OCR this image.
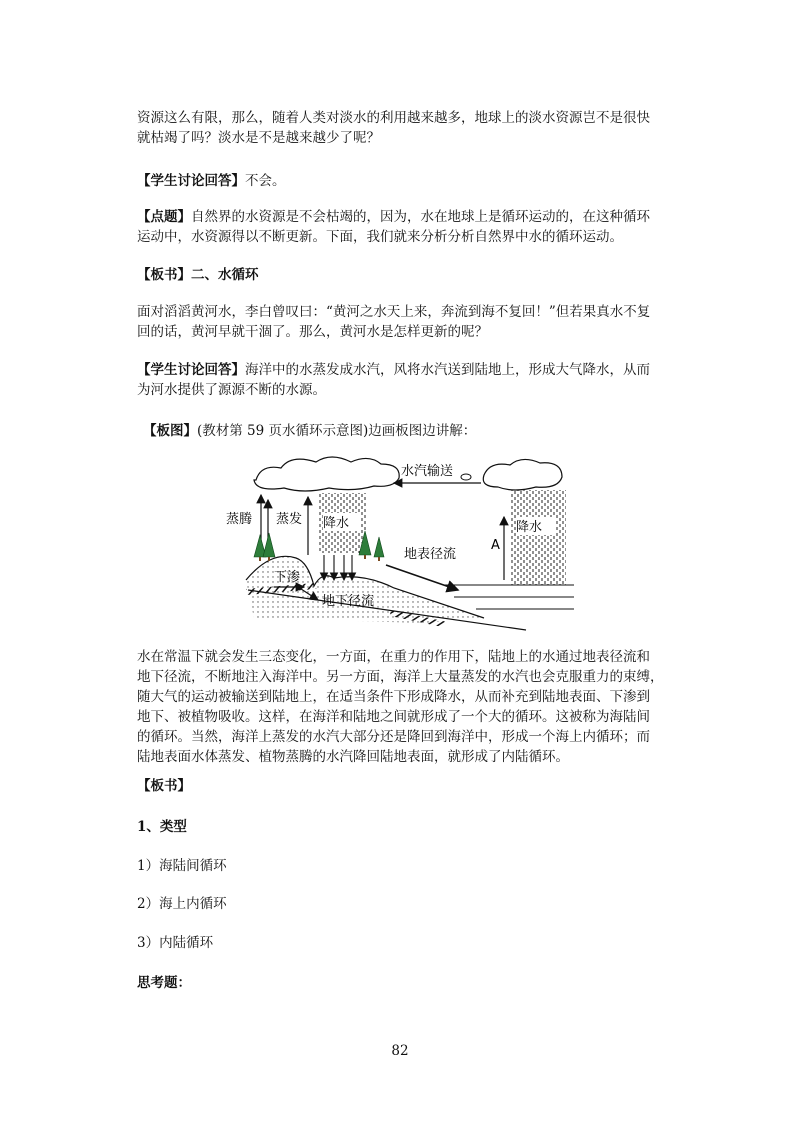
资源这么有限，那么，随着人类对淡水的利用越来越多，地球上的淡水资源岂不是很快
就枯竭了吗？淡水是不是越来越少了呢？

【学生讨论回答】不会。

【点题】自然界的水资源是不会枯竭的，因为，水在地球上是循环运动的，在这种循环
运动中，水资源得以不断更新。下面，我们就来分析分析自然界中水的循环运动。

【板书】二、水循环

面对滔滔黄河水，李白曾叹曰：“黄河之水天上来，奔流到海不复回！”但若果真水不复
回的话，黄河早就干涸了。那么，黄河水是怎样更新的呢？

【学生讨论回答】海洋中的水蒸发成水汽，风将水汽送到陆地上，形成大气降水，从而
为河水提供了源源不断的水源。

【板图】(教材第 59 页水循环示意图)边画板图边讲解：

水汽输送
降水	降水
蒸腾 蒸发
A
地表径流
下渗
地下径流

水在常温下就会发生三态变化，一方面，在重力的作用下，陆地上的水通过地表径流和
地下径流，不断地注入海洋中。另一方面，海洋上大量蒸发的水汽也会克服重力的束缚，
随大气的运动被输送到陆地上，在适当条件下形成降水，从而补充到陆地表面、下渗到
地下、被植物吸收。这样，在海洋和陆地之间就形成了一个大的循环。这被称为海陆间
的循环。当然，海洋上蒸发的水汽大部分还是降回到海洋中，形成一个海上内循环；而
陆地表面水体蒸发、植物蒸腾的水汽降回陆地表面，就形成了内陆循环。

【板书】

1、类型

1）海陆间循环

2）海上内循环

3）内陆循环

思考题：

82
